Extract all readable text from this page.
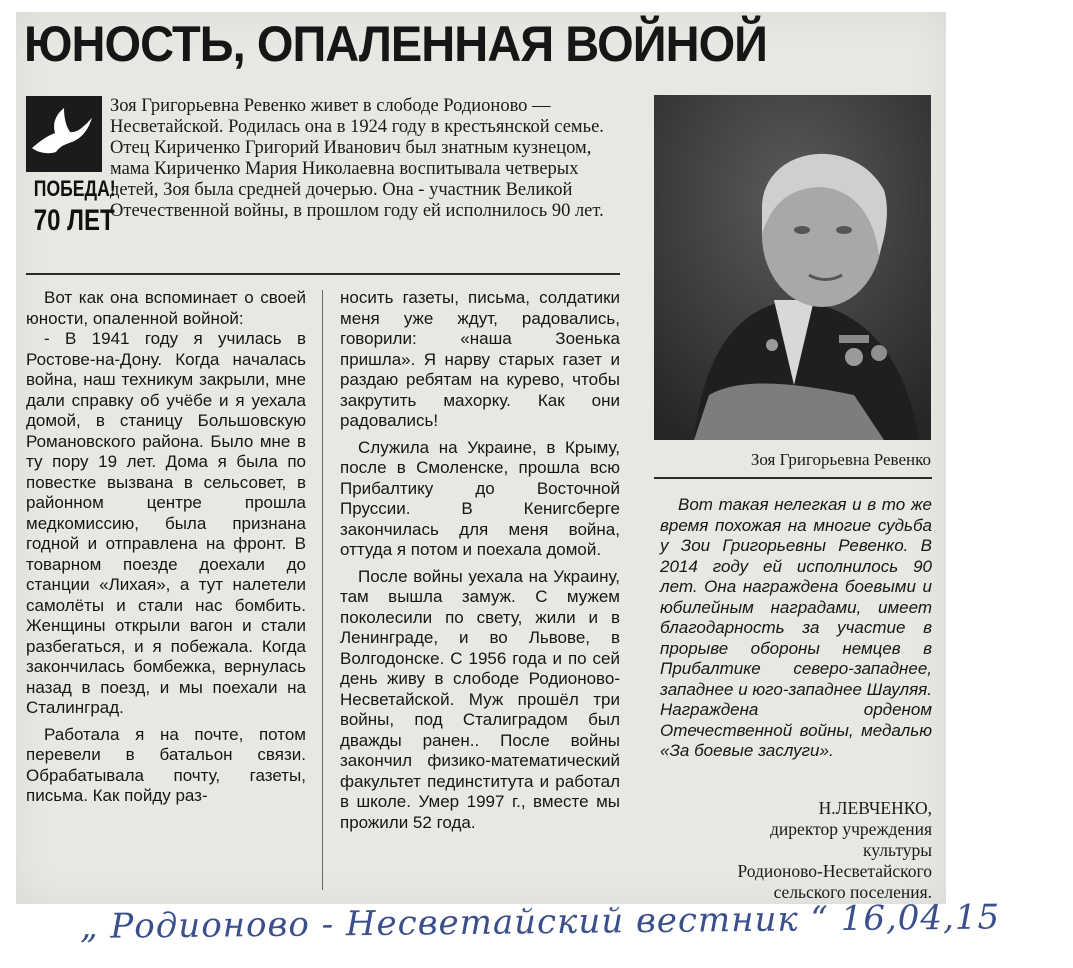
ЮНОСТЬ, ОПАЛЕННАЯ ВОЙНОЙ
ПОБЕДА!
70 ЛЕТ
Зоя Григорьевна Ревенко живет в слободе Родионово — Несветайской. Родилась она в 1924 году в крестьянской семье. Отец Кириченко Григорий Иванович был знатным кузнецом, мама Кириченко Мария Николаевна воспитывала четверых детей, Зоя была средней дочерью. Она - участник Великой Отечественной войны, в прошлом году ей исполнилось 90 лет.

Вот как она вспоминает о своей юности, опаленной войной:

- В 1941 году я училась в Ростове-на-Дону. Когда началась война, наш техникум закрыли, мне дали справку об учёбе и я уехала домой, в станицу Большовскую Романовского района. Было мне в ту пору 19 лет. Дома я была по повестке вызвана в сельсовет, в районном центре прошла медкомиссию, была признана годной и отправлена на фронт. В товарном поезде доехали до станции «Лихая», а тут налетели самолёты и стали нас бомбить. Женщины открыли вагон и стали разбегаться, и я побежала. Когда закончилась бомбежка, вернулась назад в поезд, и мы поехали на Сталинград.

Работала я на почте, потом перевели в батальон связи. Обрабатывала почту, газеты, письма. Как пойду раз-

носить газеты, письма, солдатики меня уже ждут, радовались, говорили: «наша Зоенька пришла». Я нарву старых газет и раздаю ребятам на курево, чтобы закрутить махорку. Как они радовались!

Служила на Украине, в Крыму, после в Смоленске, прошла всю Прибалтику до Восточной Пруссии. В Кенигсберге закончилась для меня война, оттуда я потом и поехала домой.

После войны уехала на Украину, там вышла замуж. С мужем поколесили по свету, жили и в Ленинграде, и во Львове, в Волгодонске. С 1956 года и по сей день живу в слободе Родионово-Несветайской. Муж прошёл три войны, под Сталиградом был дважды ранен.. После войны закончил физико-математический факультет пединститута и работал в школе. Умер 1997 г., вместе мы прожили 52 года.

Зоя Григорьевна Ревенко
Вот такая нелегкая и в то же время похожая на многие судьба у Зои Григорьевны Ревенко. В 2014 году ей исполнилось 90 лет. Она награждена боевыми и юбилейным наградами, имеет благодарность за участие в прорыве обороны немцев в Прибалтике северо-западнее, западнее и юго-западнее Шауляя. Награждена орденом Отечественной войны, медалью «За боевые заслуги».
Н.ЛЕВЧЕНКО,
директор учреждения
культуры
Родионово-Несветайского
сельского поселения.
„ Родионово - Несветайский вестник “ 16,04,15
